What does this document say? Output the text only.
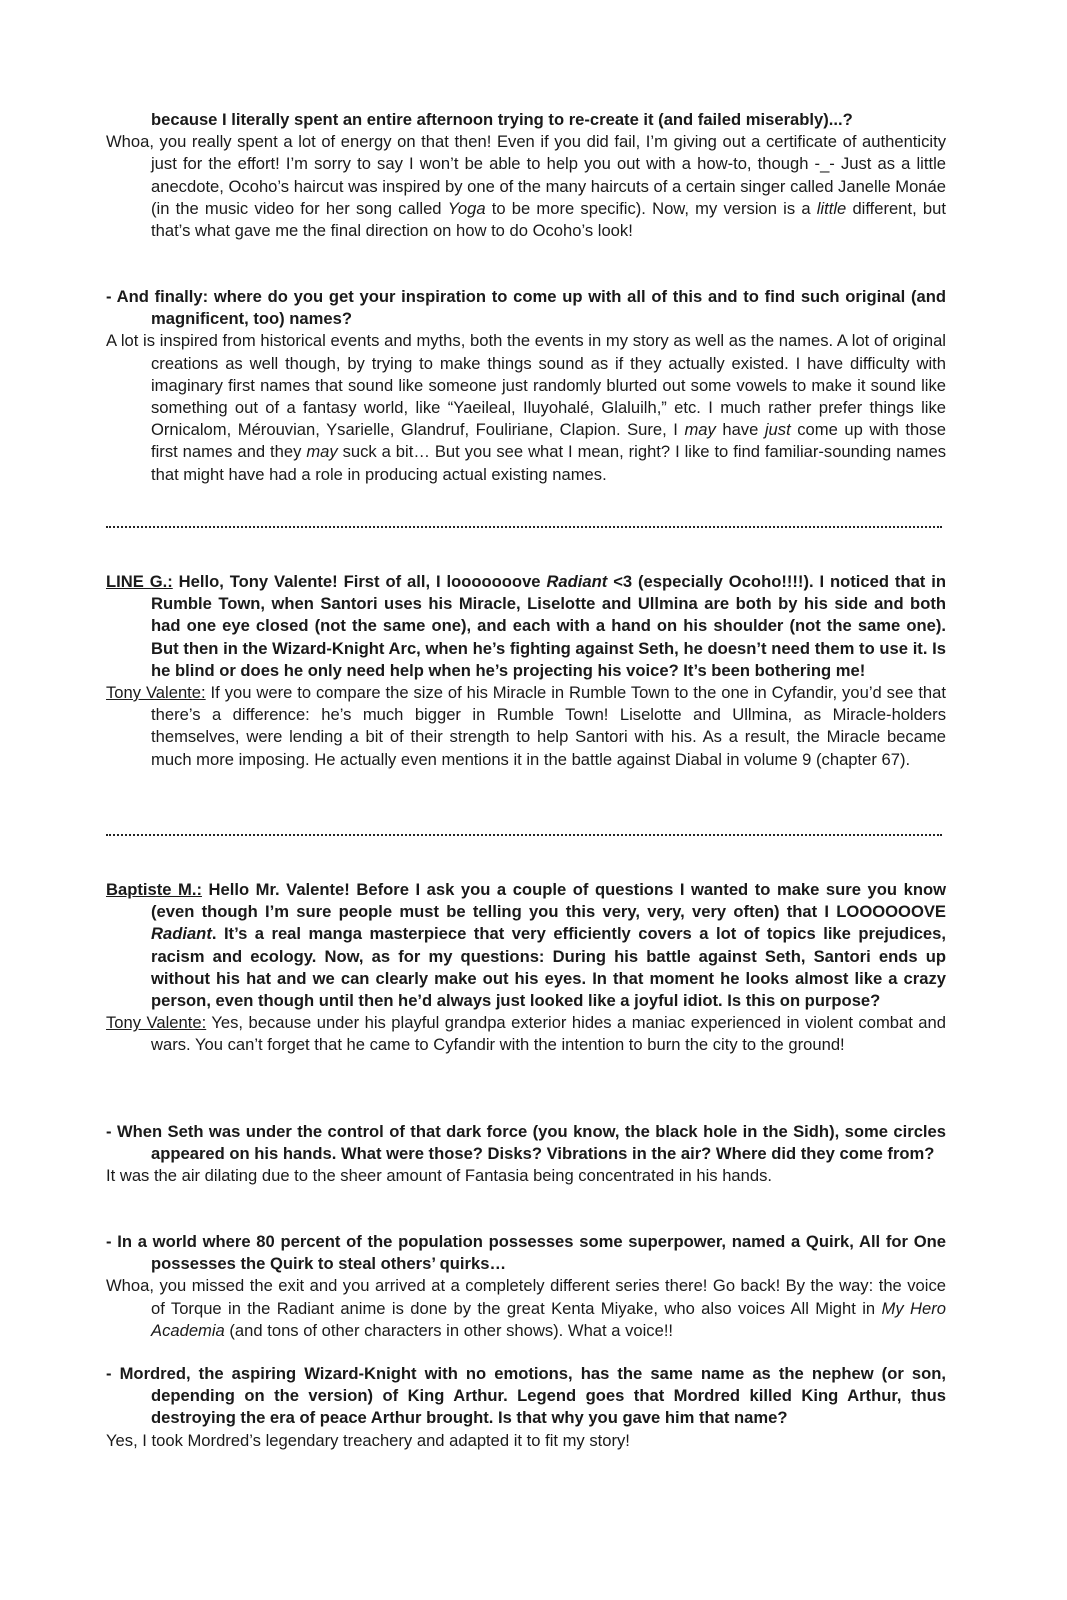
because I literally spent an entire afternoon trying to re-create it (and failed miserably)...?

Whoa, you really spent a lot of energy on that then! Even if you did fail, I’m giving out a certificate of authenticity just for the effort! I’m sorry to say I won’t be able to help you out with a how-to, though -_- Just as a little anecdote, Ocoho’s haircut was inspired by one of the many haircuts of a certain singer called Janelle Monáe (in the music video for her song called Yoga to be more specific). Now, my version is a little different, but that’s what gave me the final direction on how to do Ocoho’s look!

- And finally: where do you get your inspiration to come up with all of this and to find such original (and magnificent, too) names?

A lot is inspired from historical events and myths, both the events in my story as well as the names. A lot of original creations as well though, by trying to make things sound as if they actually existed. I have difficulty with imaginary first names that sound like someone just randomly blurted out some vowels to make it sound like something out of a fantasy world, like “Yaeileal, Iluyohalé, Glaluilh,” etc. I much rather prefer things like Ornicalom, Mérouvian, Ysarielle, Glandruf, Fouliriane, Clapion. Sure, I may have just come up with those first names and they may suck a bit… But you see what I mean, right? I like to find familiar-sounding names that might have had a role in producing actual existing names.

LINE G.: Hello, Tony Valente! First of all, I looooooove Radiant <3 (especially Ocoho!!!!). I noticed that in Rumble Town, when Santori uses his Miracle, Liselotte and Ullmina are both by his side and both had one eye closed (not the same one), and each with a hand on his shoulder (not the same one). But then in the Wizard-Knight Arc, when he’s fighting against Seth, he doesn’t need them to use it. Is he blind or does he only need help when he’s projecting his voice? It’s been bothering me!

Tony Valente: If you were to compare the size of his Miracle in Rumble Town to the one in Cyfandir, you’d see that there’s a difference: he’s much bigger in Rumble Town! Liselotte and Ullmina, as Miracle-holders themselves, were lending a bit of their strength to help Santori with his. As a result, the Miracle became much more imposing. He actually even mentions it in the battle against Diabal in volume 9 (chapter 67).

Baptiste M.: Hello Mr. Valente! Before I ask you a couple of questions I wanted to make sure you know (even though I’m sure people must be telling you this very, very, very often) that I LOOOOOOVE Radiant. It’s a real manga masterpiece that very efficiently covers a lot of topics like prejudices, racism and ecology. Now, as for my questions: During his battle against Seth, Santori ends up without his hat and we can clearly make out his eyes. In that moment he looks almost like a crazy person, even though until then he’d always just looked like a joyful idiot. Is this on purpose?

Tony Valente: Yes, because under his playful grandpa exterior hides a maniac experienced in violent combat and wars. You can’t forget that he came to Cyfandir with the intention to burn the city to the ground!

- When Seth was under the control of that dark force (you know, the black hole in the Sidh), some circles appeared on his hands. What were those? Disks? Vibrations in the air? Where did they come from?

It was the air dilating due to the sheer amount of Fantasia being concentrated in his hands.

- In a world where 80 percent of the population possesses some superpower, named a Quirk, All for One possesses the Quirk to steal others’ quirks…

Whoa, you missed the exit and you arrived at a completely different series there! Go back! By the way: the voice of Torque in the Radiant anime is done by the great Kenta Miyake, who also voices All Might in My Hero Academia (and tons of other characters in other shows). What a voice!!

- Mordred, the aspiring Wizard-Knight with no emotions, has the same name as the nephew (or son, depending on the version) of King Arthur. Legend goes that Mordred killed King Arthur, thus destroying the era of peace Arthur brought. Is that why you gave him that name?

Yes, I took Mordred’s legendary treachery and adapted it to fit my story!
